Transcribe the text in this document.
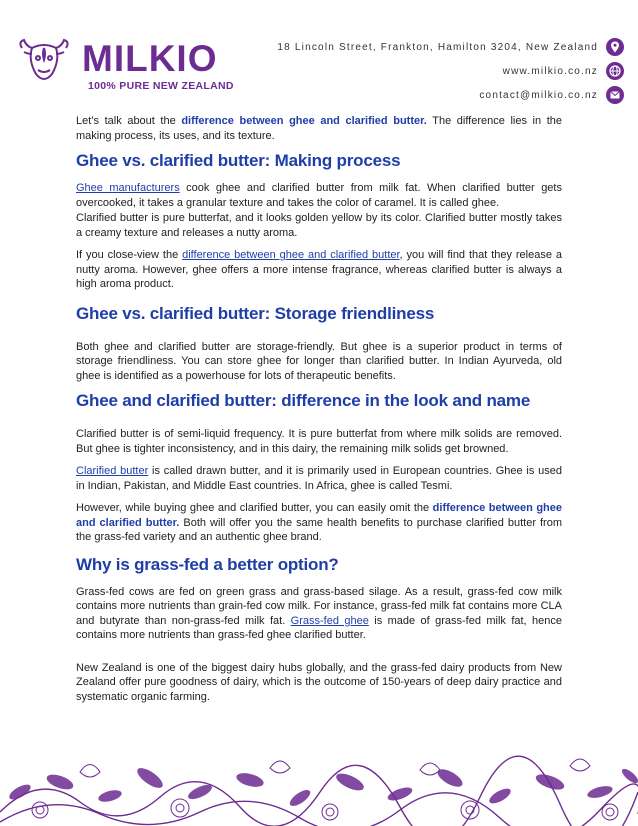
MILKIO
100% PURE NEW ZEALAND
18 Lincoln Street, Frankton, Hamilton 3204, New Zealand
www.milkio.co.nz
contact@milkio.co.nz

Let’s talk about the difference between ghee and clarified butter. The difference lies in the making process, its uses, and its texture.

Ghee vs. clarified butter: Making process

Ghee manufacturers cook ghee and clarified butter from milk fat. When clarified butter gets overcooked, it takes a granular texture and takes the color of caramel. It is called ghee.

Clarified butter is pure butterfat, and it looks golden yellow by its color. Clarified butter mostly takes a creamy texture and releases a nutty aroma.

If you close-view the difference between ghee and clarified butter, you will find that they release a nutty aroma. However, ghee offers a more intense fragrance, whereas clarified butter is always a high aroma product.

Ghee vs. clarified butter: Storage friendliness

Both ghee and clarified butter are storage-friendly. But ghee is a superior product in terms of storage friendliness. You can store ghee for longer than clarified butter. In Indian Ayurveda, old ghee is identified as a powerhouse for lots of therapeutic benefits.

Ghee and clarified butter: difference in the look and name

Clarified butter is of semi-liquid frequency. It is pure butterfat from where milk solids are removed. But ghee is tighter inconsistency, and in this dairy, the remaining milk solids get browned.

Clarified butter is called drawn butter, and it is primarily used in European countries. Ghee is used in Indian, Pakistan, and Middle East countries. In Africa, ghee is called Tesmi.

However, while buying ghee and clarified butter, you can easily omit the difference between ghee and clarified butter. Both will offer you the same health benefits to purchase clarified butter from the grass-fed variety and an authentic ghee brand.

Why is grass-fed a better option?

Grass-fed cows are fed on green grass and grass-based silage. As a result, grass-fed cow milk contains more nutrients than grain-fed cow milk. For instance, grass-fed milk fat contains more CLA and butyrate than non-grass-fed milk fat. Grass-fed ghee is made of grass-fed milk fat, hence contains more nutrients than grass-fed ghee clarified butter.

New Zealand is one of the biggest dairy hubs globally, and the grass-fed dairy products from New Zealand offer pure goodness of dairy, which is the outcome of 150-years of deep dairy practice and systematic organic farming.
